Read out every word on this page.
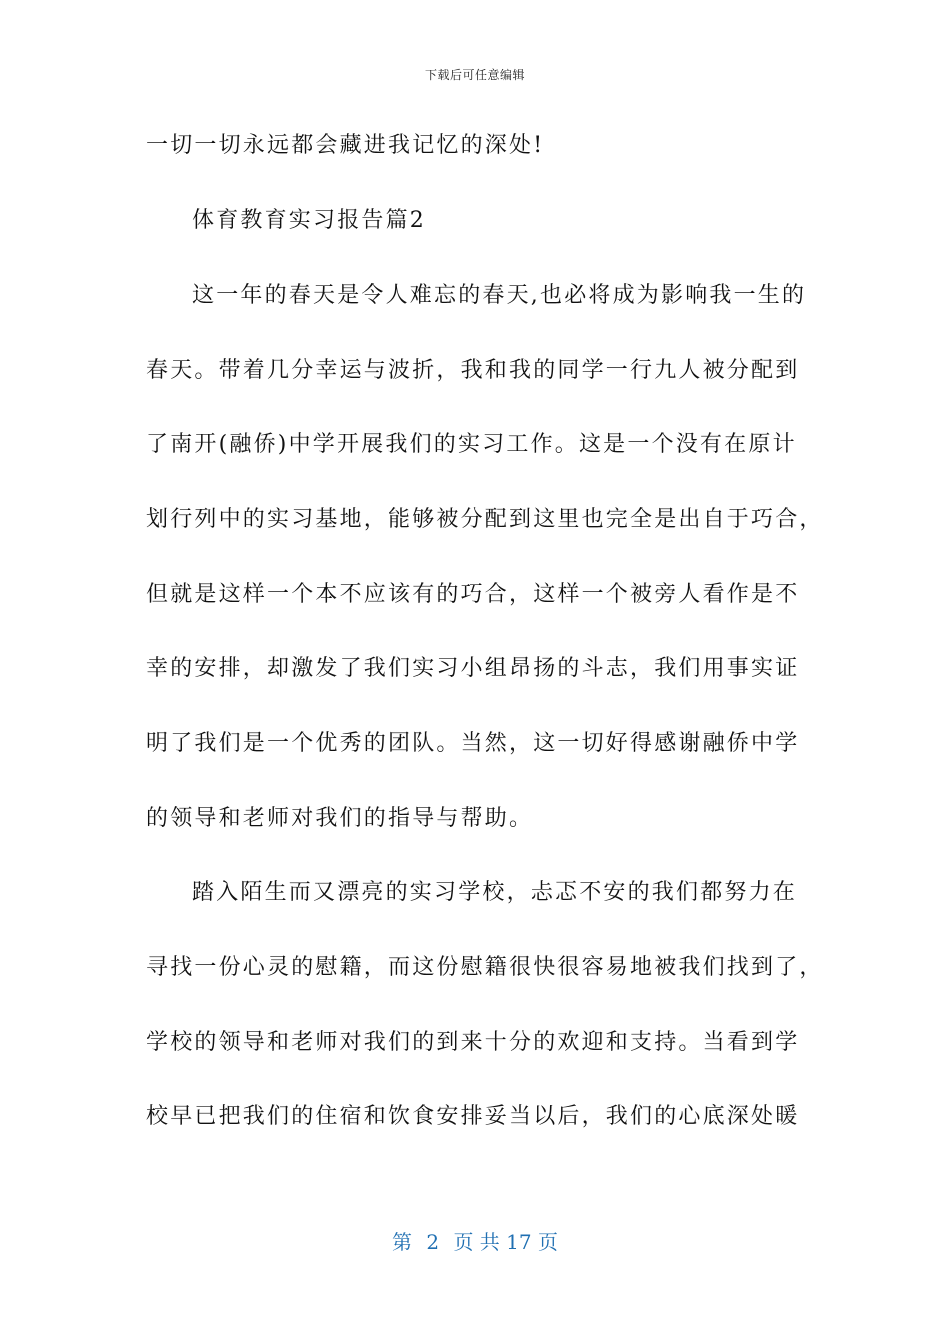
下载后可任意编辑
一切一切永远都会藏进我记忆的深处!
体育教育实习报告篇2
这一年的春天是令人难忘的春天,也必将成为影响我一生的
春天。带着几分幸运与波折，我和我的同学一行九人被分配到
了南开(融侨)中学开展我们的实习工作。这是一个没有在原计
划行列中的实习基地，能够被分配到这里也完全是出自于巧合，
但就是这样一个本不应该有的巧合，这样一个被旁人看作是不
幸的安排，却激发了我们实习小组昂扬的斗志，我们用事实证
明了我们是一个优秀的团队。当然，这一切好得感谢融侨中学
的领导和老师对我们的指导与帮助。
踏入陌生而又漂亮的实习学校，忐忑不安的我们都努力在
寻找一份心灵的慰籍，而这份慰籍很快很容易地被我们找到了，
学校的领导和老师对我们的到来十分的欢迎和支持。当看到学
校早已把我们的住宿和饮食安排妥当以后，我们的心底深处暖
第 2 页 共 17 页
